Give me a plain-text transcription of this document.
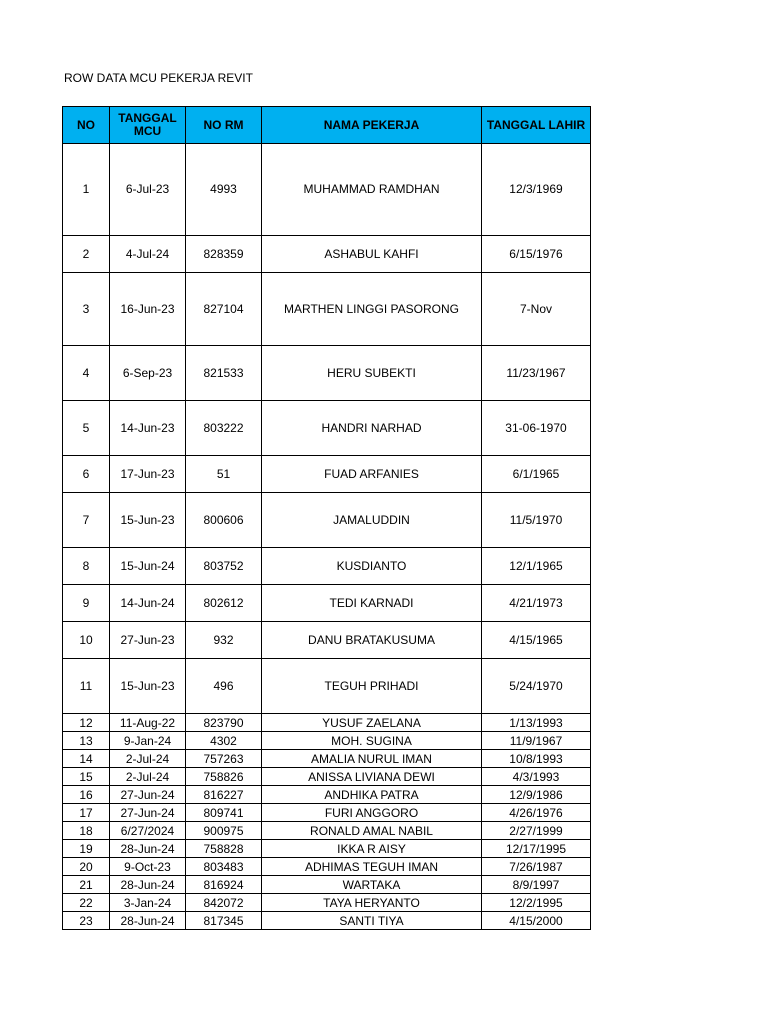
ROW DATA MCU PEKERJA REVIT
NO	TANGGAL MCU	NO RM	NAMA PEKERJA	TANGGAL LAHIR
1	6-Jul-23	4993	MUHAMMAD RAMDHAN	12/3/1969
2	4-Jul-24	828359	ASHABUL KAHFI	6/15/1976
3	16-Jun-23	827104	MARTHEN LINGGI PASORONG	7-Nov
4	6-Sep-23	821533	HERU SUBEKTI	11/23/1967
5	14-Jun-23	803222	HANDRI NARHAD	31-06-1970
6	17-Jun-23	51	FUAD ARFANIES	6/1/1965
7	15-Jun-23	800606	JAMALUDDIN	11/5/1970
8	15-Jun-24	803752	KUSDIANTO	12/1/1965
9	14-Jun-24	802612	TEDI KARNADI	4/21/1973
10	27-Jun-23	932	DANU BRATAKUSUMA	4/15/1965
11	15-Jun-23	496	TEGUH PRIHADI	5/24/1970
12	11-Aug-22	823790	YUSUF ZAELANA	1/13/1993
13	9-Jan-24	4302	MOH. SUGINA	11/9/1967
14	2-Jul-24	757263	AMALIA NURUL IMAN	10/8/1993
15	2-Jul-24	758826	ANISSA LIVIANA DEWI	4/3/1993
16	27-Jun-24	816227	ANDHIKA PATRA	12/9/1986
17	27-Jun-24	809741	FURI ANGGORO	4/26/1976
18	6/27/2024	900975	RONALD AMAL NABIL	2/27/1999
19	28-Jun-24	758828	IKKA R AISY	12/17/1995
20	9-Oct-23	803483	ADHIMAS TEGUH IMAN	7/26/1987
21	28-Jun-24	816924	WARTAKA	8/9/1997
22	3-Jan-24	842072	TAYA HERYANTO	12/2/1995
23	28-Jun-24	817345	SANTI TIYA	4/15/2000
